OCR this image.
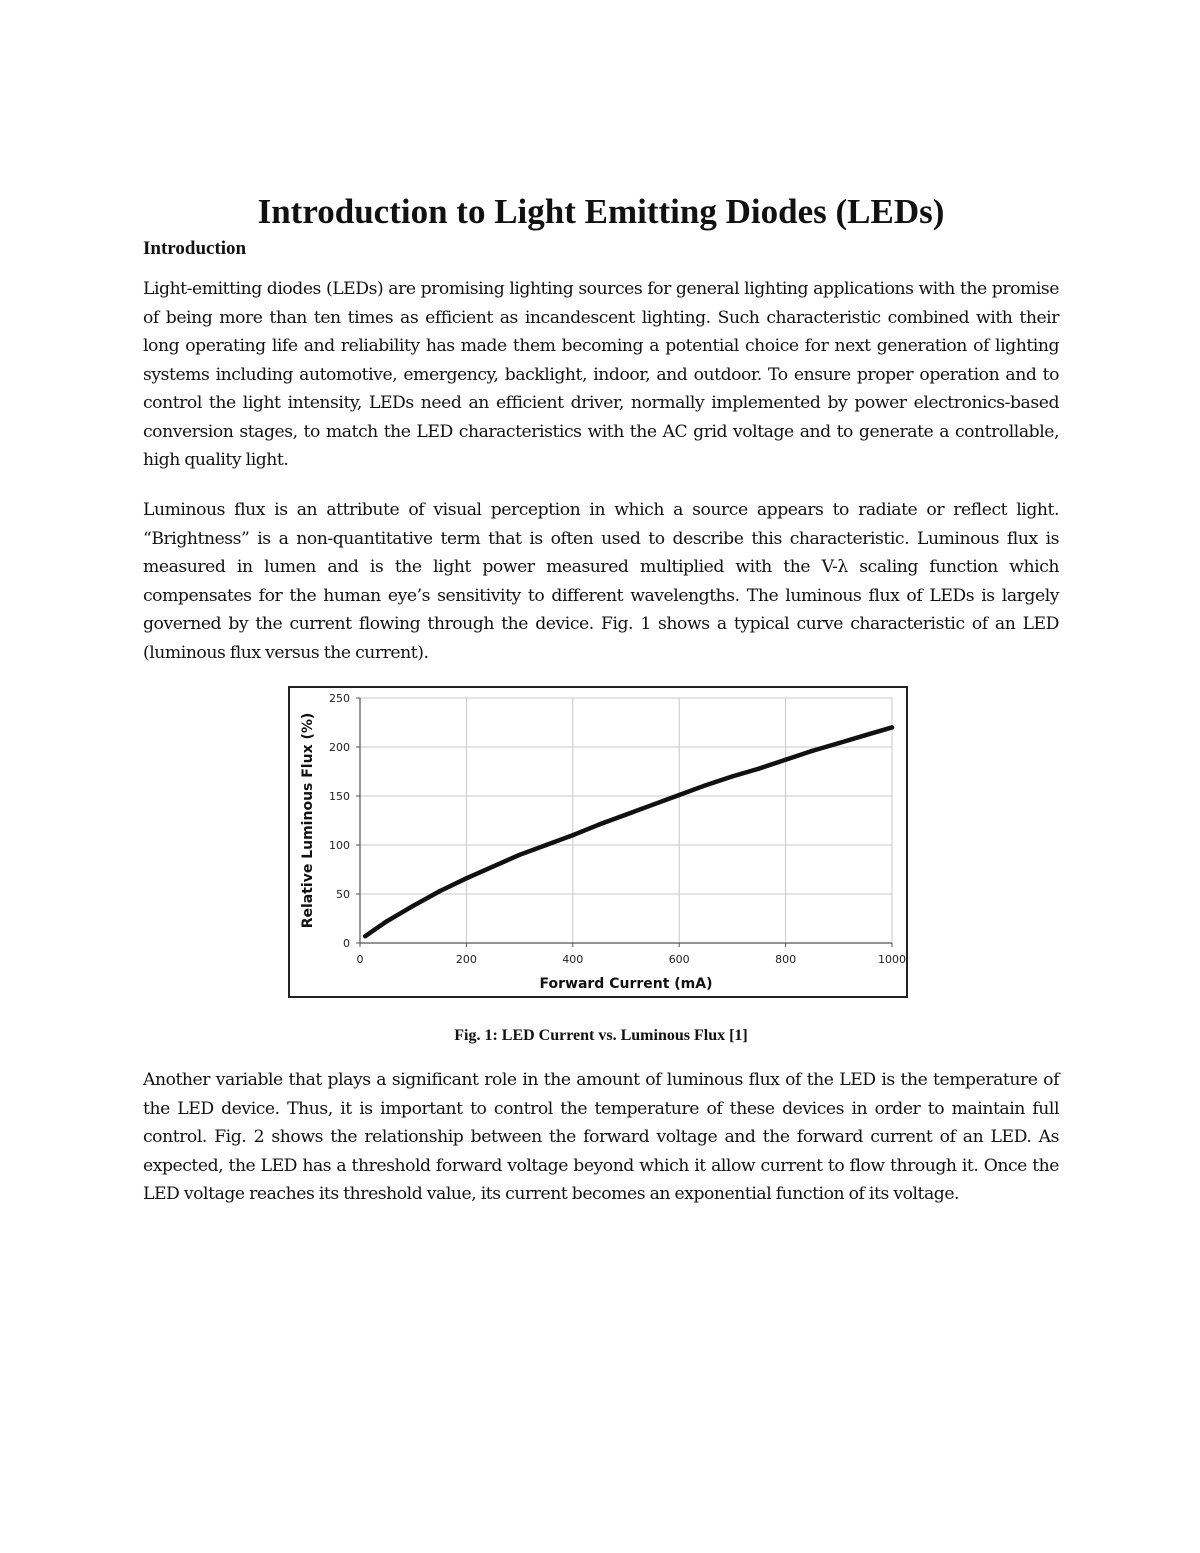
Introduction to Light Emitting Diodes (LEDs)
Introduction

Light-emitting diodes (LEDs) are promising lighting sources for general lighting applications with the promise of being more than ten times as efficient as incandescent lighting. Such characteristic combined with their long operating life and reliability has made them becoming a potential choice for next generation of lighting systems including automotive, emergency, backlight, indoor, and outdoor. To ensure proper operation and to control the light intensity, LEDs need an efficient driver, normally implemented by power electronics-based conversion stages, to match the LED characteristics with the AC grid voltage and to generate a controllable, high quality light.

Luminous flux is an attribute of visual perception in which a source appears to radiate or reflect light. “Brightness” is a non-quantitative term that is often used to describe this characteristic. Luminous flux is measured in lumen and is the light power measured multiplied with the V-λ scaling function which compensates for the human eye’s sensitivity to different wavelengths. The luminous flux of LEDs is largely governed by the current flowing through the device. Fig. 1 shows a typical curve characteristic of an LED (luminous flux versus the current).

0	200	400	600	800	1000
0
50
100
150
200
250
Forward Current (mA)
Relative Luminous Flux (%)

Fig. 1: LED Current vs. Luminous Flux [1]

Another variable that plays a significant role in the amount of luminous flux of the LED is the temperature of the LED device. Thus, it is important to control the temperature of these devices in order to maintain full control. Fig. 2 shows the relationship between the forward voltage and the forward current of an LED. As expected, the LED has a threshold forward voltage beyond which it allow current to flow through it. Once the LED voltage reaches its threshold value, its current becomes an exponential function of its voltage.
